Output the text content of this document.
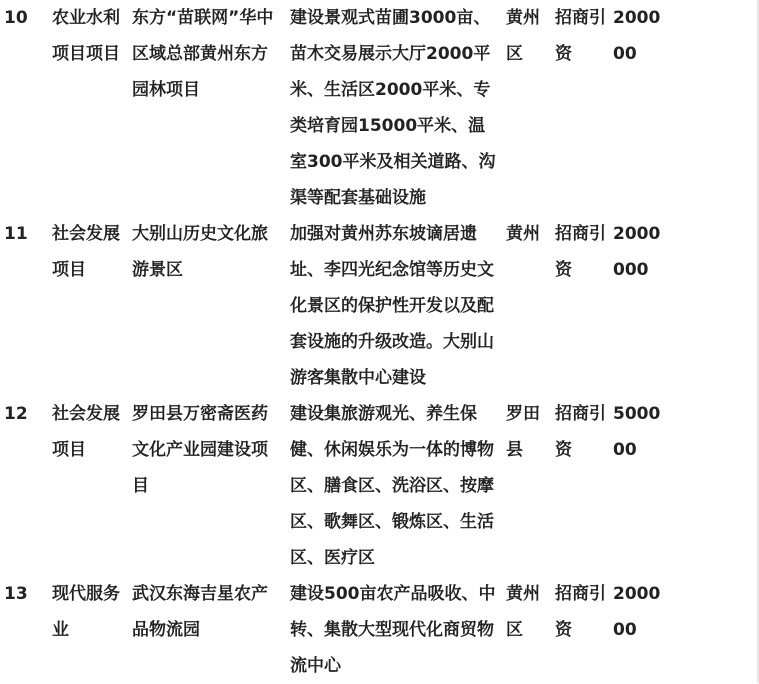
10	农业水利项目项目	东方“苗联网”华中区域总部黄州东方园林项目	建设景观式苗圃3000亩、苗木交易展示大厅2000平米、生活区2000平米、专类培育园15000平米、温室300平米及相关道路、沟渠等配套基础设施	黄州区	招商引资	200000
11	社会发展项目	大别山历史文化旅游景区	加强对黄州苏东坡谪居遗址、李四光纪念馆等历史文化景区的保护性开发以及配套设施的升级改造。大别山游客集散中心建设	黄州	招商引资	2000000
12	社会发展项目	罗田县万密斋医药文化产业园建设项目	建设集旅游观光、养生保健、休闲娱乐为一体的博物区、膳食区、洗浴区、按摩区、歌舞区、锻炼区、生活区、医疗区	罗田县	招商引资	500000
13	现代服务业	武汉东海吉星农产品物流园	建设500亩农产品吸收、中转、集散大型现代化商贸物流中心	黄州区	招商引资	200000
